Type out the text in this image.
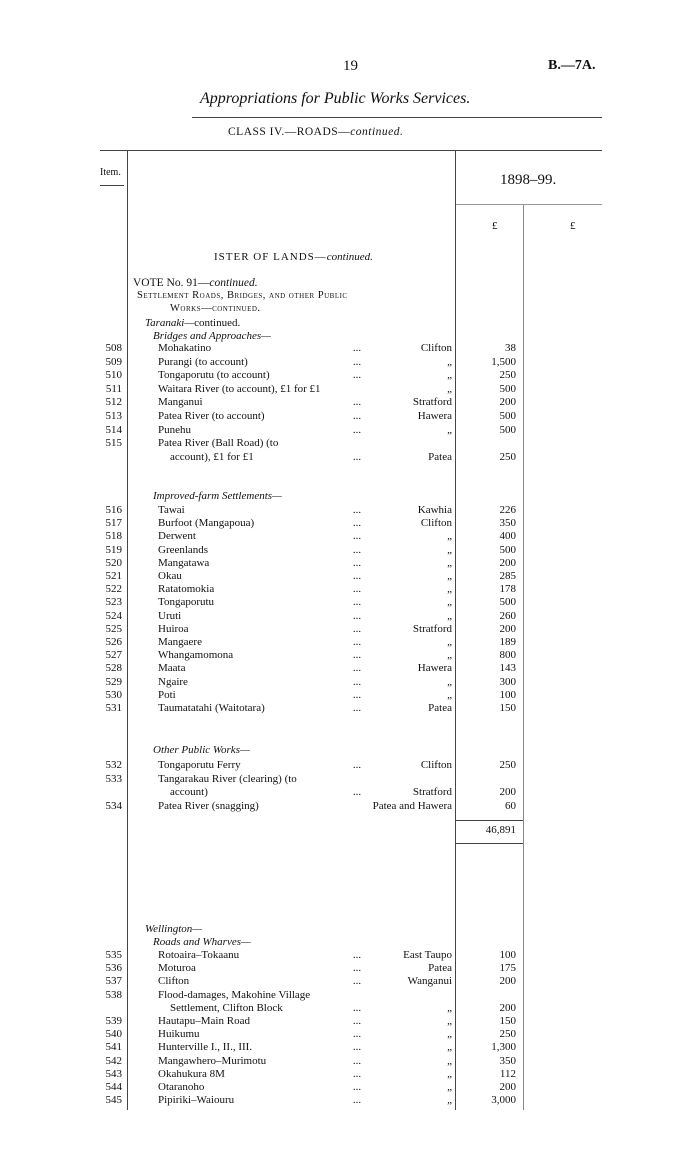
19	B.—7A.
Appropriations for Public Works Services.
CLASS IV.—ROADS—continued.
Item.	1898–99.
£	£
ISTER OF LANDS—continued.
VOTE No. 91—continued.
Settlement Roads, Bridges, and other Public
Works—continued.
Taranaki—continued.
Bridges and Approaches—
508	Mohakatino	...	Clifton	38
509	Purangi (to account)	...	„	1,500
510	Tongaporutu (to account)	...	„	250
511	Waitara River (to account), £1 for £1	„	500
512	Manganui	...	Stratford	200
513	Patea River (to account)	...	Hawera	500
514	Punehu	...	„	500
515	Patea River (Ball Road) (to
account), £1 for £1	...	Patea	250
Improved-farm Settlements—
516	Tawai	...	Kawhia	226
517	Burfoot (Mangapoua)	...	Clifton	350
518	Derwent	...	„	400
519	Greenlands	...	„	500
520	Mangatawa	...	„	200
521	Okau	...	„	285
522	Ratatomokia	...	„	178
523	Tongaporutu	...	„	500
524	Uruti	...	„	260
525	Huiroa	...	Stratford	200
526	Mangaere	...	„	189
527	Whangamomona	...	„	800
528	Maata	...	Hawera	143
529	Ngaire	...	„	300
530	Poti	...	„	100
531	Taumatatahi (Waitotara)	...	Patea	150
Other Public Works—
532	Tongaporutu Ferry	...	Clifton	250
533	Tangarakau River (clearing) (to
account)	...	Stratford	200
534	Patea River (snagging)	Patea and Hawera	60
46,891
Wellington—
Roads and Wharves—
535	Rotoaira–Tokaanu	...	East Taupo	100
536	Moturoa	...	Patea	175
537	Clifton	...	Wanganui	200
538	Flood-damages, Makohine Village
Settlement, Clifton Block	...	„	200
539	Hautapu–Main Road	...	„	150
540	Huikumu	...	„	250
541	Hunterville I., II., III.	...	„	1,300
542	Mangawhero–Murimotu	...	„	350
543	Okahukura 8M	...	„	112
544	Otaranoho	...	„	200
545	Pipiriki–Waiouru	...	„	3,000
